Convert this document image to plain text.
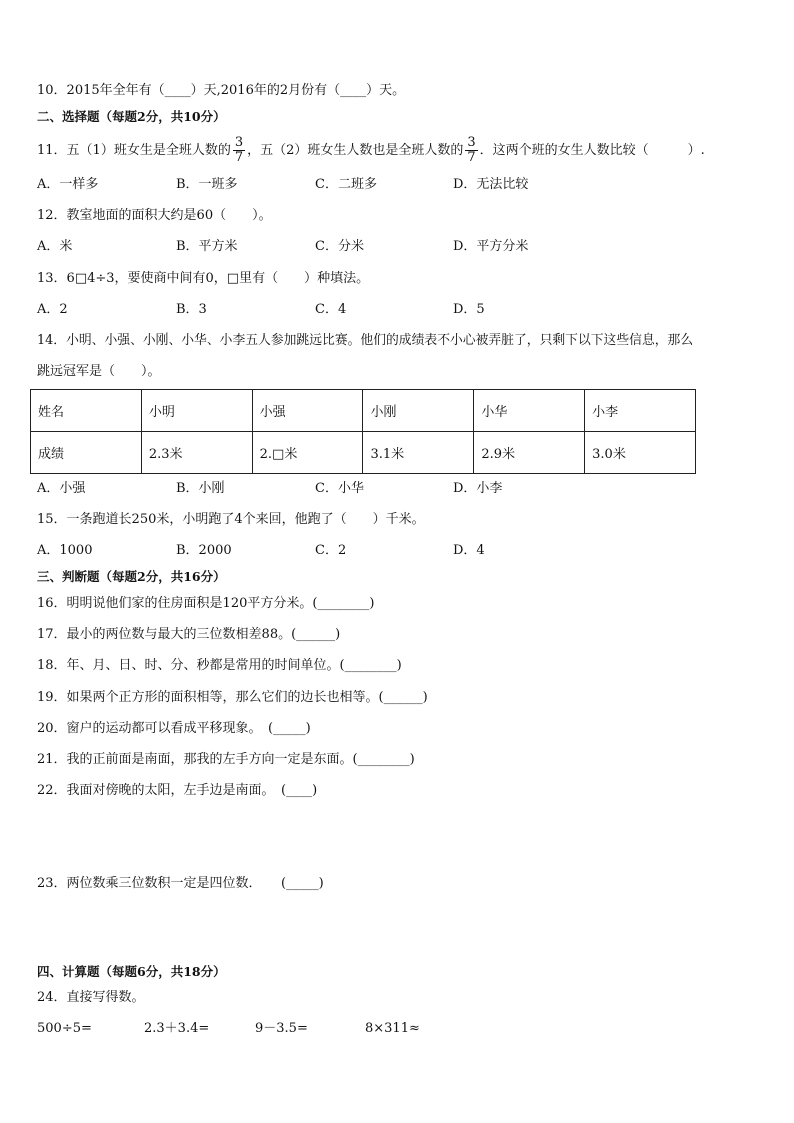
10．2015年全年有（____）天,2016年的2月份有（____）天。
二、选择题（每题2分，共10分）
11．五（1）班女生是全班人数的 $\frac{3}{7}$ ，五（2）班女生人数也是全班人数的 $\frac{3}{7}$ ．这两个班的女生人数比较（　　　）.
A．一样多	B．一班多	C．二班多	D．无法比较
12．教室地面的面积大约是60（　　）。
A．米	B．平方米	C．分米	D．平方分米
13．6□4÷3，要使商中间有0，□里有（　　）种填法。
A．2	B．3	C．4	D．5
14．小明、小强、小刚、小华、小李五人参加跳远比赛。他们的成绩表不小心被弄脏了，只剩下以下这些信息，那么
跳远冠军是（　　）。
姓名	小明	小强	小刚	小华	小李
成绩	2.3米	2.□米	3.1米	2.9米	3.0米
A．小强	B．小刚	C．小华	D．小李
15．一条跑道长250米，小明跑了4个来回，他跑了（　　）千米。
A．1000	B．2000	C．2	D．4
三、判断题（每题2分，共16分）
16．明明说他们家的住房面积是120平方分米。(________)
17．最小的两位数与最大的三位数相差88。(______)
18．年、月、日、时、分、秒都是常用的时间单位。(________)
19．如果两个正方形的面积相等，那么它们的边长也相等。(______)
20．窗户的运动都可以看成平移现象。　(_____)
21．我的正前面是南面，那我的左手方向一定是东面。(________)
22．我面对傍晚的太阳，左手边是南面。　(____)
23．两位数乘三位数积一定是四位数．　　(_____)
四、计算题（每题6分，共18分）
24．直接写得数。
500÷5=	2.3＋3.4=	9－3.5=	8×311≈
